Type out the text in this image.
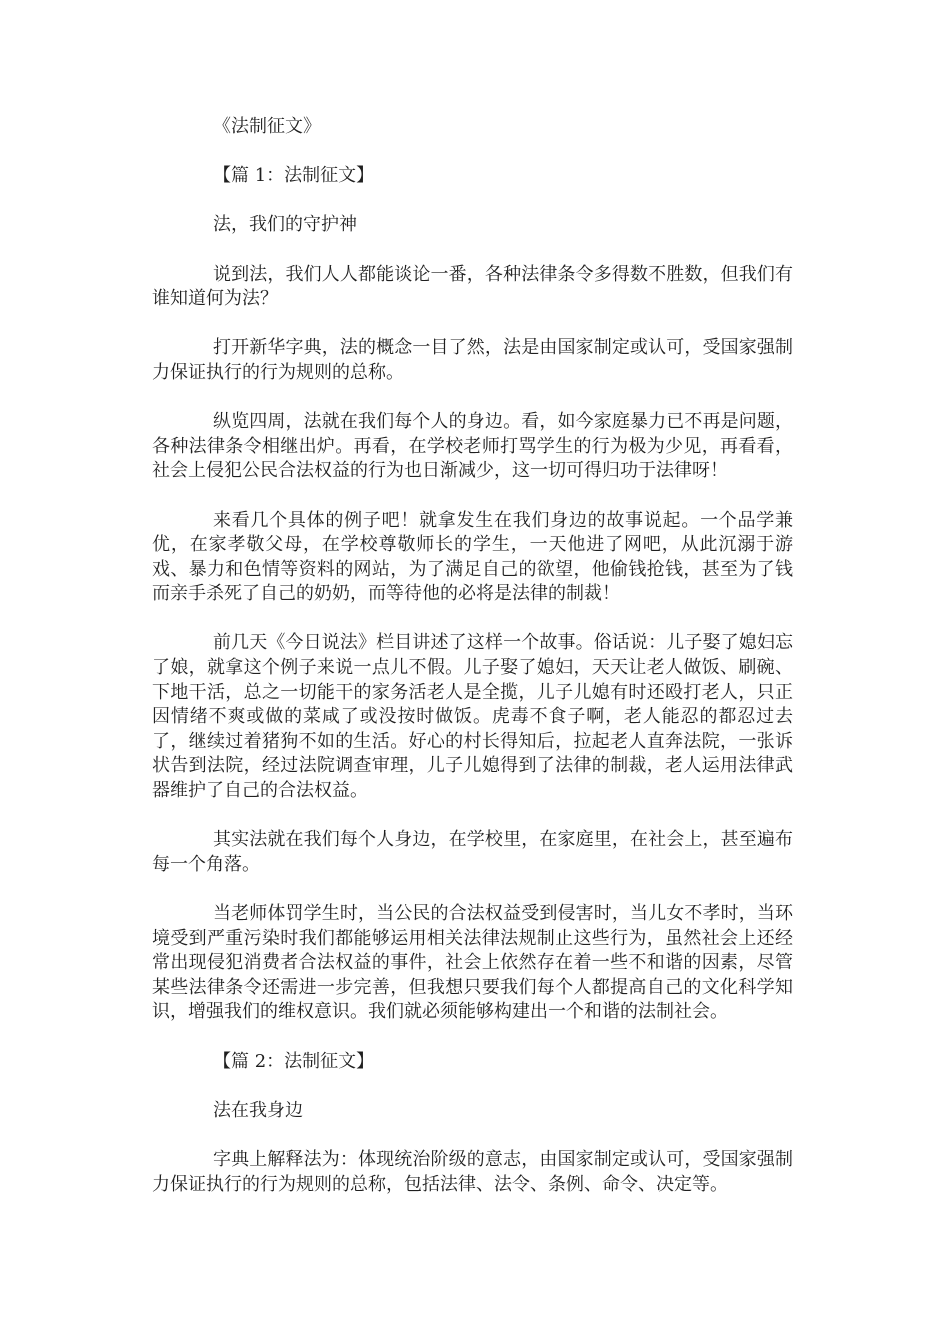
《法制征文》

【篇 1：法制征文】

法，我们的守护神

说到法，我们人人都能谈论一番，各种法律条令多得数不胜数，但我们有谁知道何为法？

打开新华字典，法的概念一目了然，法是由国家制定或认可，受国家强制力保证执行的行为规则的总称。

纵览四周，法就在我们每个人的身边。看，如今家庭暴力已不再是问题，各种法律条令相继出炉。再看，在学校老师打骂学生的行为极为少见，再看看，社会上侵犯公民合法权益的行为也日渐减少，这一切可得归功于法律呀！

来看几个具体的例子吧！就拿发生在我们身边的故事说起。一个品学兼优，在家孝敬父母，在学校尊敬师长的学生，一天他进了网吧，从此沉溺于游戏、暴力和色情等资料的网站，为了满足自己的欲望，他偷钱抢钱，甚至为了钱而亲手杀死了自己的奶奶，而等待他的必将是法律的制裁！

前几天《今日说法》栏目讲述了这样一个故事。俗话说：儿子娶了媳妇忘了娘，就拿这个例子来说一点儿不假。儿子娶了媳妇，天天让老人做饭、刷碗、下地干活，总之一切能干的家务活老人是全揽，儿子儿媳有时还殴打老人，只正因情绪不爽或做的菜咸了或没按时做饭。虎毒不食子啊，老人能忍的都忍过去了，继续过着猪狗不如的生活。好心的村长得知后，拉起老人直奔法院，一张诉状告到法院，经过法院调查审理，儿子儿媳得到了法律的制裁，老人运用法律武器维护了自己的合法权益。

其实法就在我们每个人身边，在学校里，在家庭里，在社会上，甚至遍布每一个角落。

当老师体罚学生时，当公民的合法权益受到侵害时，当儿女不孝时，当环境受到严重污染时我们都能够运用相关法律法规制止这些行为，虽然社会上还经常出现侵犯消费者合法权益的事件，社会上依然存在着一些不和谐的因素，尽管某些法律条令还需进一步完善，但我想只要我们每个人都提高自己的文化科学知识，增强我们的维权意识。我们就必须能够构建出一个和谐的法制社会。

【篇 2：法制征文】

法在我身边

字典上解释法为：体现统治阶级的意志，由国家制定或认可，受国家强制力保证执行的行为规则的总称，包括法律、法令、条例、命令、决定等。
